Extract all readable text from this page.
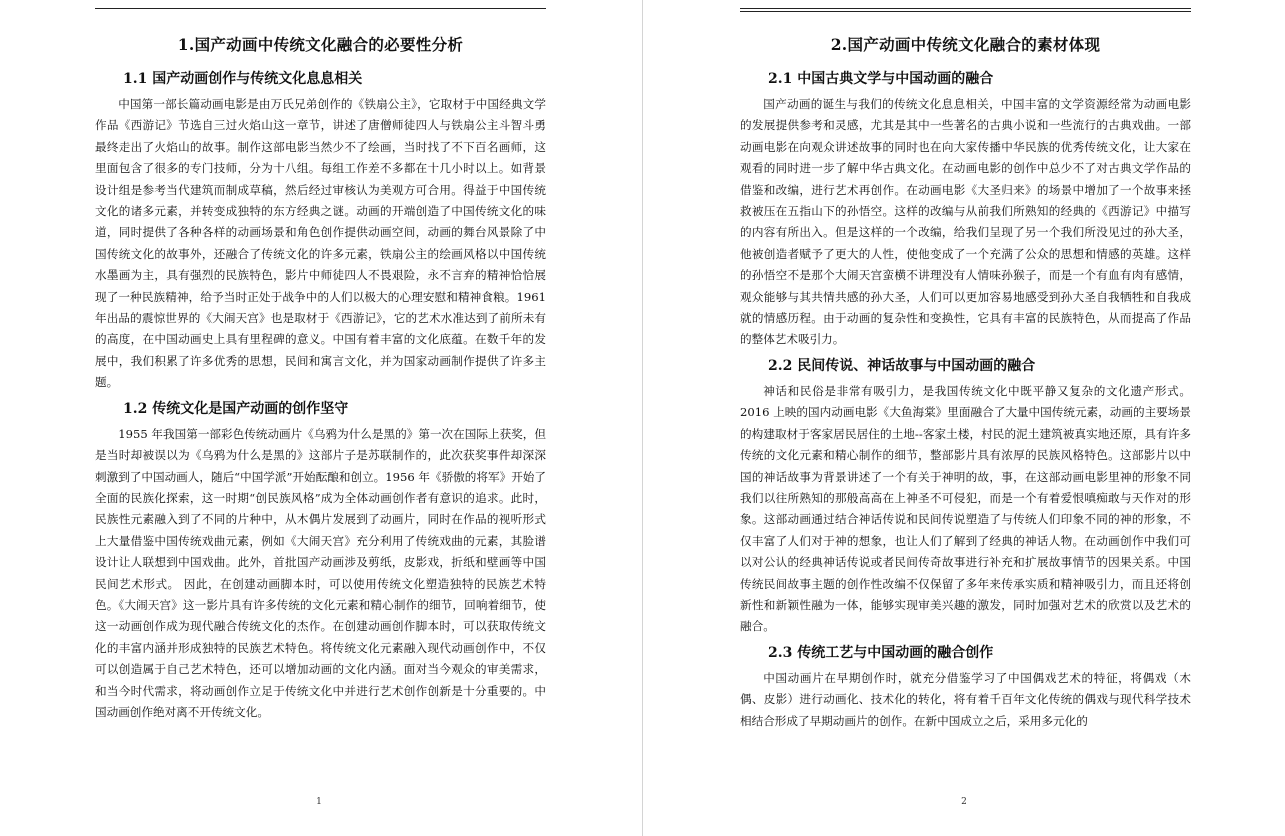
1.国产动画中传统文化融合的必要性分析
1.1 国产动画创作与传统文化息息相关

中国第一部长篇动画电影是由万氏兄弟创作的《铁扇公主》，它取材于中国经典文学作品《西游记》节选自三过火焰山这一章节，讲述了唐僧师徒四人与铁扇公主斗智斗勇最终走出了火焰山的故事。制作这部电影当然少不了绘画，当时找了不下百名画师，这里面包含了很多的专门技师，分为十八组。每组工作差不多都在十几小时以上。如背景设计组是参考当代建筑而制成草稿，然后经过审核认为美观方可合用。得益于中国传统文化的诸多元素，并转变成独特的东方经典之谜。动画的开端创造了中国传统文化的味道，同时提供了各种各样的动画场景和角色创作提供动画空间，动画的舞台风景除了中国传统文化的故事外，还融合了传统文化的许多元素，铁扇公主的绘画风格以中国传统水墨画为主，具有强烈的民族特色，影片中师徒四人不畏艰险，永不言弃的精神恰恰展现了一种民族精神，给予当时正处于战争中的人们以极大的心理安慰和精神食粮。1961 年出品的震惊世界的《大闹天宫》也是取材于《西游记》，它的艺术水准达到了前所未有的高度，在中国动画史上具有里程碑的意义。中国有着丰富的文化底蕴。在数千年的发展中，我们积累了许多优秀的思想，民间和寓言文化，并为国家动画制作提供了许多主题。

1.2 传统文化是国产动画的创作坚守

1955 年我国第一部彩色传统动画片《乌鸦为什么是黑的》第一次在国际上获奖，但是当时却被误以为《乌鸦为什么是黑的》这部片子是苏联制作的，此次获奖事件却深深刺激到了中国动画人，随后“中国学派”开始酝酿和创立。1956 年《骄傲的将军》开始了全面的民族化探索，这一时期“创民族风格”成为全体动画创作者有意识的追求。此时，民族性元素融入到了不同的片种中，从木偶片发展到了动画片，同时在作品的视听形式上大量借鉴中国传统戏曲元素，例如《大闹天宫》充分利用了传统戏曲的元素，其脸谱设计让人联想到中国戏曲。此外，首批国产动画涉及剪纸，皮影戏，折纸和壁画等中国民间艺术形式。 因此，在创建动画脚本时，可以使用传统文化塑造独特的民族艺术特色。《大闹天宫》这一影片具有许多传统的文化元素和精心制作的细节，回响着细节，使这一动画创作成为现代融合传统文化的杰作。在创建动画创作脚本时，可以获取传统文化的丰富内涵并形成独特的民族艺术特色。将传统文化元素融入现代动画创作中，不仅可以创造属于自己艺术特色，还可以增加动画的文化内涵。面对当今观众的审美需求，和当今时代需求，将动画创作立足于传统文化中并进行艺术创作创新是十分重要的。中国动画创作绝对离不开传统文化。

1
2.国产动画中传统文化融合的素材体现
2.1 中国古典文学与中国动画的融合

国产动画的诞生与我们的传统文化息息相关，中国丰富的文学资源经常为动画电影的发展提供参考和灵感，尤其是其中一些著名的古典小说和一些流行的古典戏曲。一部动画电影在向观众讲述故事的同时也在向大家传播中华民族的优秀传统文化，让大家在观看的同时进一步了解中华古典文化。在动画电影的创作中总少不了对古典文学作品的借鉴和改编，进行艺术再创作。在动画电影《大圣归来》的场景中增加了一个故事来拯救被压在五指山下的孙悟空。这样的改编与从前我们所熟知的经典的《西游记》中描写的内容有所出入。但是这样的一个改编，给我们呈现了另一个我们所没见过的孙大圣，他被创造者赋予了更大的人性，使他变成了一个充满了公众的思想和情感的英雄。这样的孙悟空不是那个大闹天宫蛮横不讲理没有人情味孙猴子，而是一个有血有肉有感情，观众能够与其共情共感的孙大圣，人们可以更加容易地感受到孙大圣自我牺牲和自我成就的情感历程。由于动画的复杂性和变换性，它具有丰富的民族特色，从而提高了作品的整体艺术吸引力。

2.2 民间传说、神话故事与中国动画的融合

神话和民俗是非常有吸引力，是我国传统文化中既平静又复杂的文化遗产形式。2016 上映的国内动画电影《大鱼海棠》里面融合了大量中国传统元素，动画的主要场景的构建取材于客家居民居住的土地--客家土楼，村民的泥土建筑被真实地还原，具有许多传统的文化元素和精心制作的细节，整部影片具有浓厚的民族风格特色。这部影片以中国的神话故事为背景讲述了一个有关于神明的故，事，在这部动画电影里神的形象不同我们以往所熟知的那般高高在上神圣不可侵犯，而是一个有着爱恨嗔痴敢与天作对的形象。这部动画通过结合神话传说和民间传说塑造了与传统人们印象不同的神的形象，不仅丰富了人们对于神的想象，也让人们了解到了经典的神话人物。在动画创作中我们可以对公认的经典神话传说或者民间传奇故事进行补充和扩展故事情节的因果关系。中国传统民间故事主题的创作性改编不仅保留了多年来传承实质和精神吸引力，而且还将创新性和新颖性融为一体，能够实现审美兴趣的激发，同时加强对艺术的欣赏以及艺术的融合。

2.3 传统工艺与中国动画的融合创作

中国动画片在早期创作时，就充分借鉴学习了中国偶戏艺术的特征，将偶戏（木偶、皮影）进行动画化、技术化的转化，将有着千百年文化传统的偶戏与现代科学技术相结合形成了早期动画片的创作。在新中国成立之后，采用多元化的

2
